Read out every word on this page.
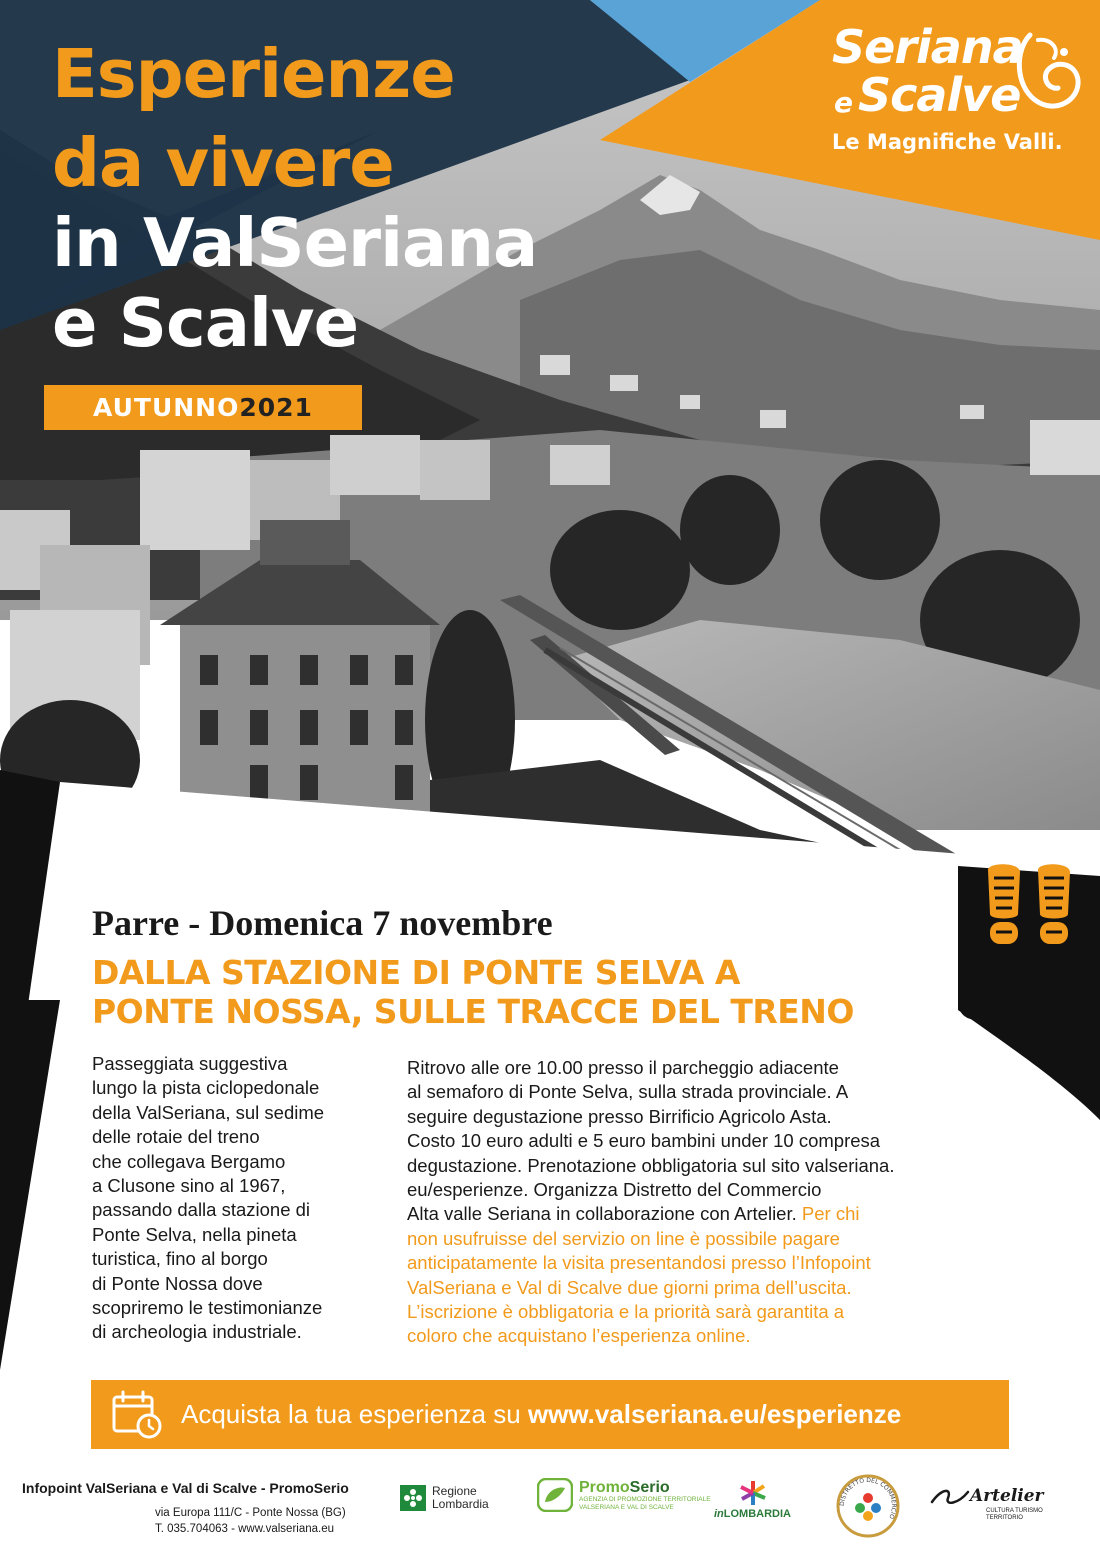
Esperienze
da vivere
in ValSeriana
e Scalve
AUTUNNO 2021
Seriana
e Scalve
Le Magnifiche Valli.
Parre - Domenica 7 novembre
DALLA STAZIONE DI PONTE SELVA A
PONTE NOSSA, SULLE TRACCE DEL TRENO

Passeggiata suggestiva
lungo la pista ciclopedonale
della ValSeriana, sul sedime
delle rotaie del treno
che collegava Bergamo
a Clusone sino al 1967,
passando dalla stazione di
Ponte Selva, nella pineta
turistica, fino al borgo
di Ponte Nossa dove
scopriremo le testimonianze
di archeologia industriale.

Ritrovo alle ore 10.00 presso il parcheggio adiacente
al semaforo di Ponte Selva, sulla strada provinciale. A
seguire degustazione presso Birrificio Agricolo Asta.
Costo 10 euro adulti e 5 euro bambini under 10 compresa
degustazione. Prenotazione obbligatoria sul sito valseriana.
eu/esperienze. Organizza Distretto del Commercio
Alta valle Seriana in collaborazione con Artelier. Per chi
non usufruisse del servizio on line è possibile pagare
anticipatamente la visita presentandosi presso l’Infopoint
ValSeriana e Val di Scalve due giorni prima dell’uscita.
L’iscrizione è obbligatoria e la priorità sarà garantita a
coloro che acquistano l’esperienza online.

Acquista la tua esperienza su www.valseriana.eu/esperienze

Infopoint ValSeriana e Val di Scalve - PromoSerio

via Europa 111/C - Ponte Nossa (BG)

T. 035.704063 - www.valseriana.eu

Regione
Lombardia
PromoSerio
AGENZIA DI PROMOZIONE TERRITORIALE
VALSERIANA E VAL DI SCALVE
inLOMBARDIA
DISTRETTO DEL COMMERCIO
Artelier
CULTURA TURISMO TERRITORIO
